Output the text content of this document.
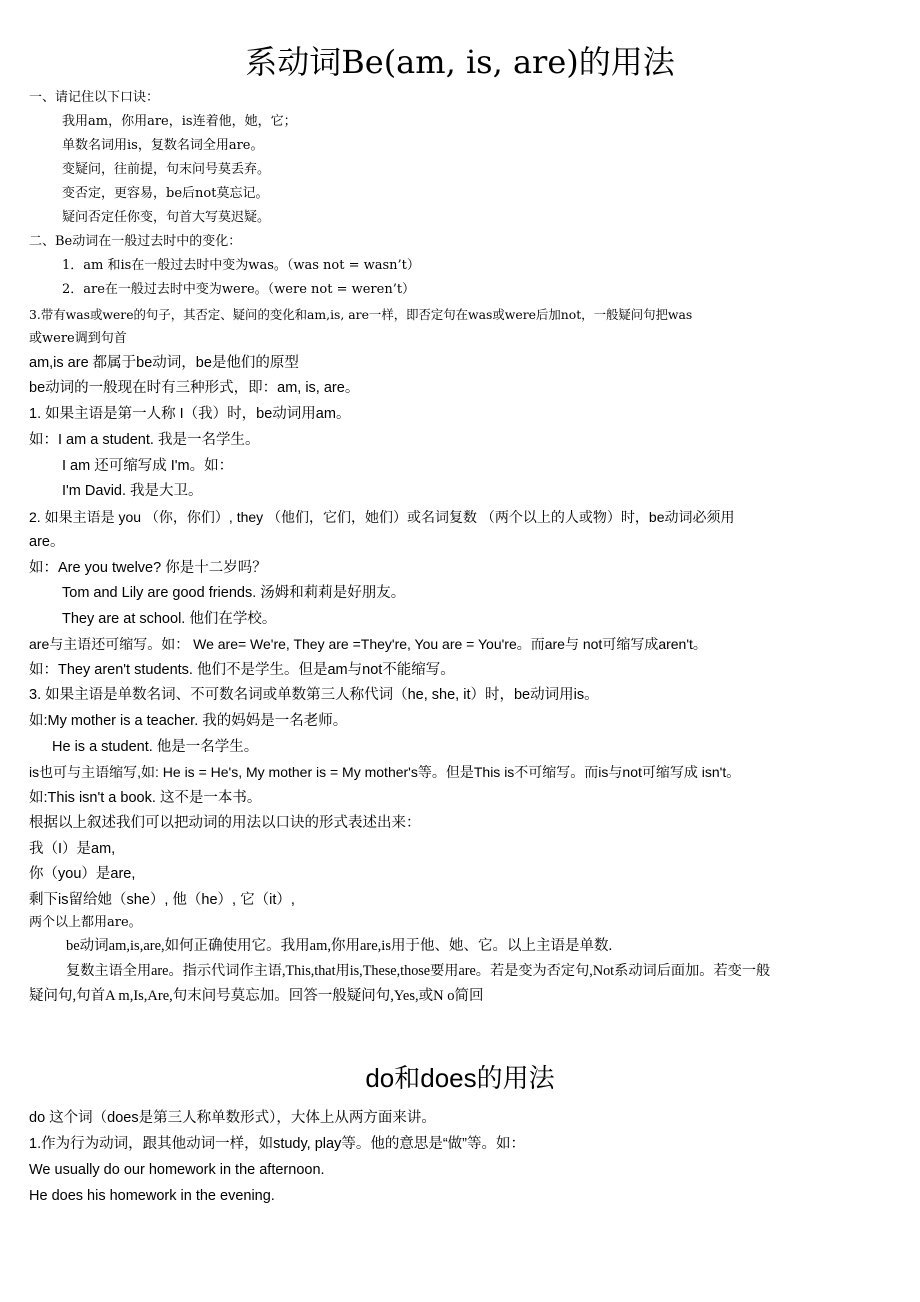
系动词Be(am, is, are)的用法
一、请记住以下口诀：
我用am，你用are，is连着他，她，它；
单数名词用is，复数名词全用are。
变疑问，往前提，句末问号莫丢弃。
变否定，更容易，be后not莫忘记。
疑问否定任你变，句首大写莫迟疑。
二、Be动词在一般过去时中的变化：
1．am 和is在一般过去时中变为was。（was not = wasn’t）
2．are在一般过去时中变为were。（were not = weren’t）
3.带有was或were的句子，其否定、疑问的变化和am,is, are一样，即否定句在was或were后加not，一般疑问句把was
或were调到句首
am,is are 都属于be动词，be是他们的原型
be动词的一般现在时有三种形式，即：am, is, are。
1. 如果主语是第一人称 I（我）时，be动词用am。
如：I am a student. 我是一名学生。
I am 还可缩写成 I'm。如：
I'm David. 我是大卫。
2. 如果主语是 you （你，你们）, they （他们，它们，她们）或名词复数 （两个以上的人或物）时，be动词必须用
are。
如：Are you twelve? 你是十二岁吗？
Tom and Lily are good friends. 汤姆和莉莉是好朋友。
They are at school. 他们在学校。
are与主语还可缩写。如： We are= We're, They are =They're, You are = You're。而are与 not可缩写成aren't。
如：They aren't students. 他们不是学生。但是am与not不能缩写。
3. 如果主语是单数名词、不可数名词或单数第三人称代词（he, she, it）时，be动词用is。
如:My mother is a teacher. 我的妈妈是一名老师。
He is a student. 他是一名学生。
is也可与主语缩写,如: He is = He's, My mother is = My mother's等。但是This is不可缩写。而is与not可缩写成 isn't。
如:This isn't a book. 这不是一本书。
根据以上叙述我们可以把动词的用法以口诀的形式表述出来：
我（I）是am,
你（you）是are,
剩下is留给她（she）, 他（he）, 它（it）,
两个以上都用are。
be动词am,is,are,如何正确使用它。我用am,你用are,is用于他、她、它。以上主语是单数.
复数主语全用are。指示代词作主语,This,that用is,These,those要用are。若是变为否定句,Not系动词后面加。若变一般
疑问句,句首A m,Is,Are,句末问号莫忘加。回答一般疑问句,Yes,或N o简回
do和does的用法
do 这个词（does是第三人称单数形式），大体上从两方面来讲。
1.作为行为动词，跟其他动词一样，如study, play等。他的意思是“做”等。如：
We usually do our homework in the afternoon.
He does his homework in the evening.
